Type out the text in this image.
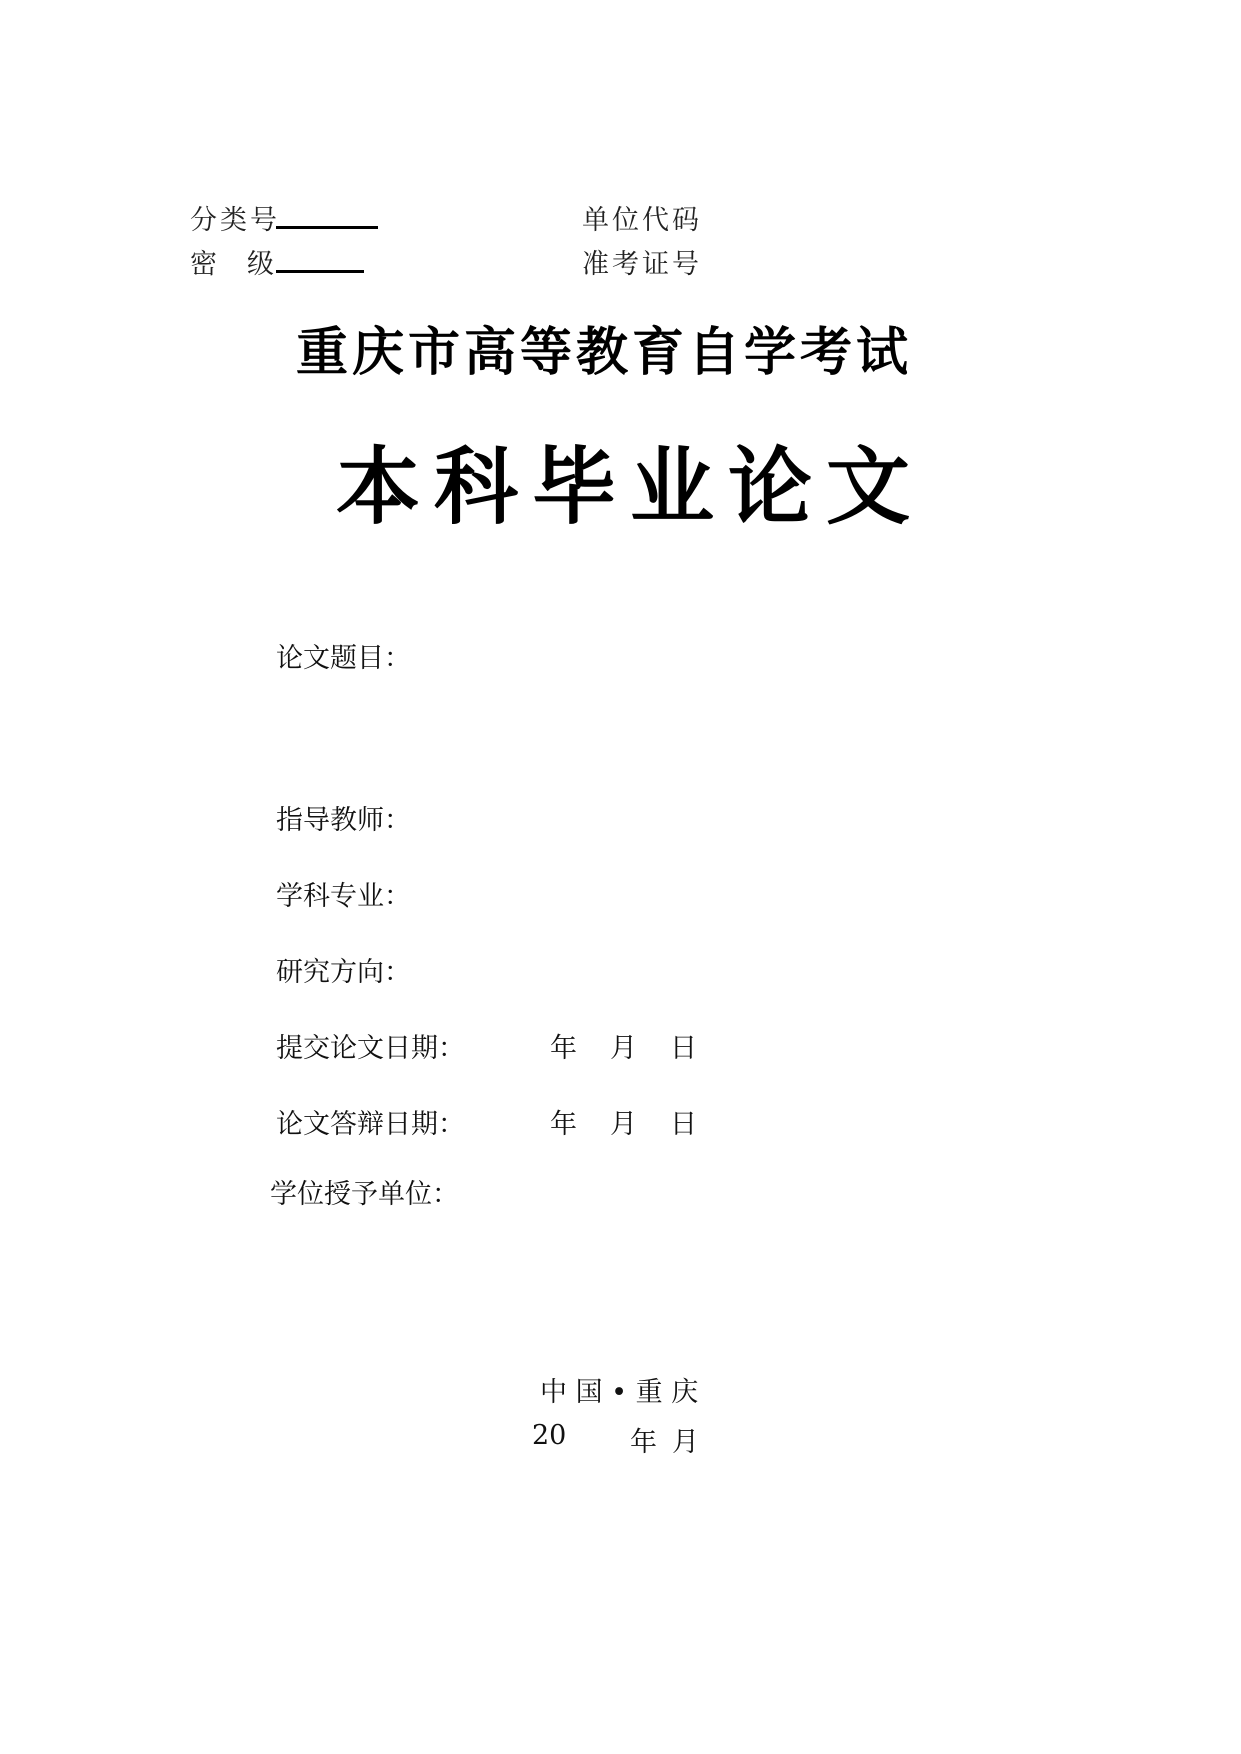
分类号
密级
单位代码
准考证号
重庆市高等教育自学考试
本科毕业论文
论文题目：
指导教师：
学科专业：
研究方向：
提交论文日期：	年 月 日
论文答辩日期：	年 月 日
学位授予单位：
中 国 • 重 庆
20 年 月
